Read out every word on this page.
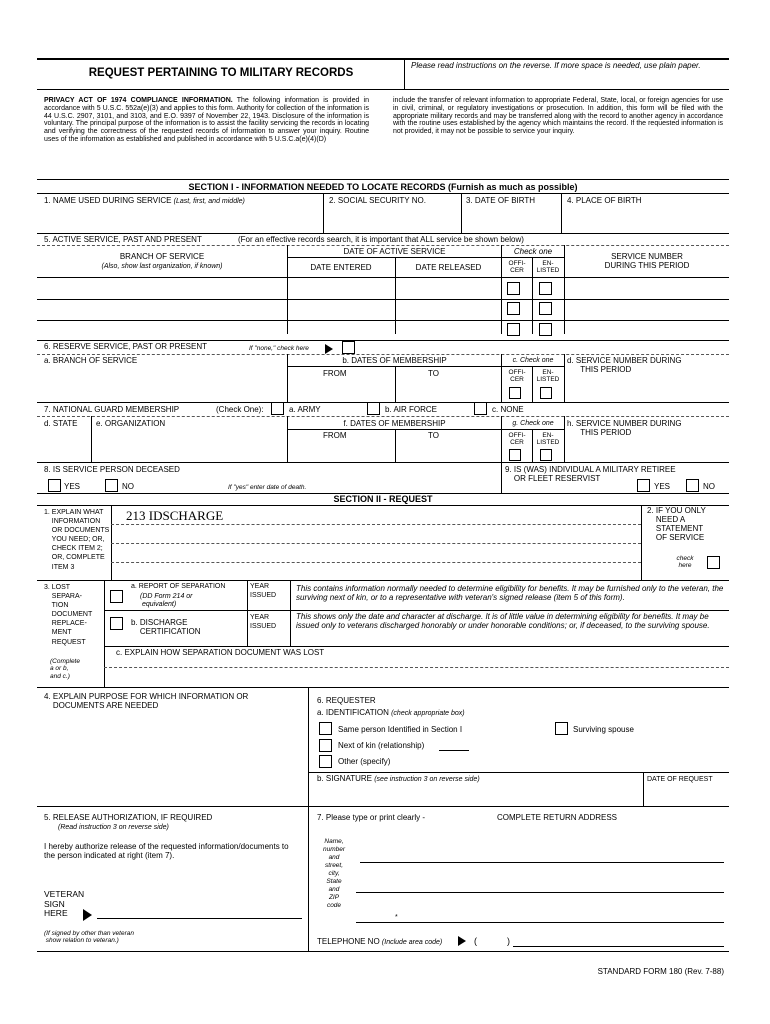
REQUEST PERTAINING TO MILITARY RECORDS
Please read instructions on the reverse. If more space is needed, use plain paper.
PRIVACY ACT OF 1974 COMPLIANCE INFORMATION. The following information is provided in accordance with 5 U.S.C. 552a(e)(3) and applies to this form. Authority for collection of the information is 44 U.S.C. 2907, 3101, and 3103, and E.O. 9397 of November 22, 1943. Disclosure of the information is voluntary. The principal purpose of the information is to assist the facility servicing the records in locating and verifying the correctness of the requested records of information to answer your inquiry. Routine uses of the information as established and published in accordance with 5 U.S.C.a(e)(4)(D)
include the transfer of relevant information to appropriate Federal, State, local, or foreign agencies for use in civil, criminal, or regulatory investigations or prosecution. In addition, this form will be filed with the appropriate military records and may be transferred along with the record to another agency in accordance with the routine uses established by the agency which maintains the record. If the requested information is not provided, it may not be possible to service your inquiry.
SECTION I - INFORMATION NEEDED TO LOCATE RECORDS (Furnish as much as possible)
1. NAME USED DURING SERVICE (Last, first, and middle)	2. SOCIAL SECURITY NO.	3. DATE OF BIRTH	4. PLACE OF BIRTH
5. ACTIVE SERVICE, PAST AND PRESENT	(For an effective records search, it is important that ALL service be shown below)
BRANCH OF SERVICE
(Also, show last organization, if known)
DATE OF ACTIVE SERVICE
DATE ENTERED	DATE RELEASED
Check one
OFFI-
CER
EN-
LISTED
SERVICE NUMBER
DURING THIS PERIOD
6. RESERVE SERVICE, PAST OR PRESENT	If "none," check here
a. BRANCH OF SERVICE	b. DATES OF MEMBERSHIP
FROM	TO
c. Check one
OFFI-
CER
EN-
LISTED
d. SERVICE NUMBER DURING
THIS PERIOD
7. NATIONAL GUARD MEMBERSHIP	(Check One):	a. ARMY	b. AIR FORCE	c. NONE
d. STATE e. ORGANIZATION	f. DATES OF MEMBERSHIP
FROM	TO
g. Check one
OFFI-
CER
EN-
LISTED
h. SERVICE NUMBER DURING
THIS PERIOD
8. IS SERVICE PERSON DECEASED
YES	NO	If "yes" enter date of death.
9. IS (WAS) INDIVIDUAL A MILITARY RETIREE
OR FLEET RESERVIST
YES	NO
SECTION II - REQUEST
1. EXPLAIN WHAT
INFORMATION
OR DOCUMENTS
YOU NEED; OR,
CHECK ITEM 2;
OR, COMPLETE
ITEM 3
213 IDSCHARGE	2. IF YOU ONLY
NEED A
STATEMENT
OF SERVICE
check
here
3. LOST
SEPARA-
TION
DOCUMENT
REPLACE-
MENT
REQUEST
(Complete
a or b,
and c.)
a. REPORT OF SEPARATION
(DD Form 214 or
equivalent)
YEAR
ISSUED
This contains information normally needed to determine eligibility for benefits. It may be furnished only to the veteran, the surviving next of kin, or to a representative with veteran's signed release (item 5 of this form).
b. DISCHARGE
CERTIFICATION
YEAR
ISSUED
This shows only the date and character at discharge. It is of little value in determining eligibility for benefits. It may be issued only to veterans discharged honorably or under honorable conditions; or, if deceased, to the surviving spouse.
c. EXPLAIN HOW SEPARATION DOCUMENT WAS LOST
4. EXPLAIN PURPOSE FOR WHICH INFORMATION OR
DOCUMENTS ARE NEEDED
6. REQUESTER
a. IDENTIFICATION (check appropriate box)
Same person Identified in Section I	Surviving spouse
Next of kin (relationship)
Other (specify)
b. SIGNATURE (see instruction 3 on reverse side)	DATE OF REQUEST
5. RELEASE AUTHORIZATION, IF REQUIRED
(Read instruction 3 on reverse side)
I hereby authorize release of the requested information/documents to the person indicated at right (item 7).
VETERAN
SIGN
HERE
(If signed by other than veteran
show relation to veteran.)
7. Please type or print clearly -	COMPLETE RETURN ADDRESS
Name,
number
and
street,
city,
State
and
ZIP
code
*
TELEPHONE NO (Include area code)	(	)
STANDARD FORM 180 (Rev. 7-88)
